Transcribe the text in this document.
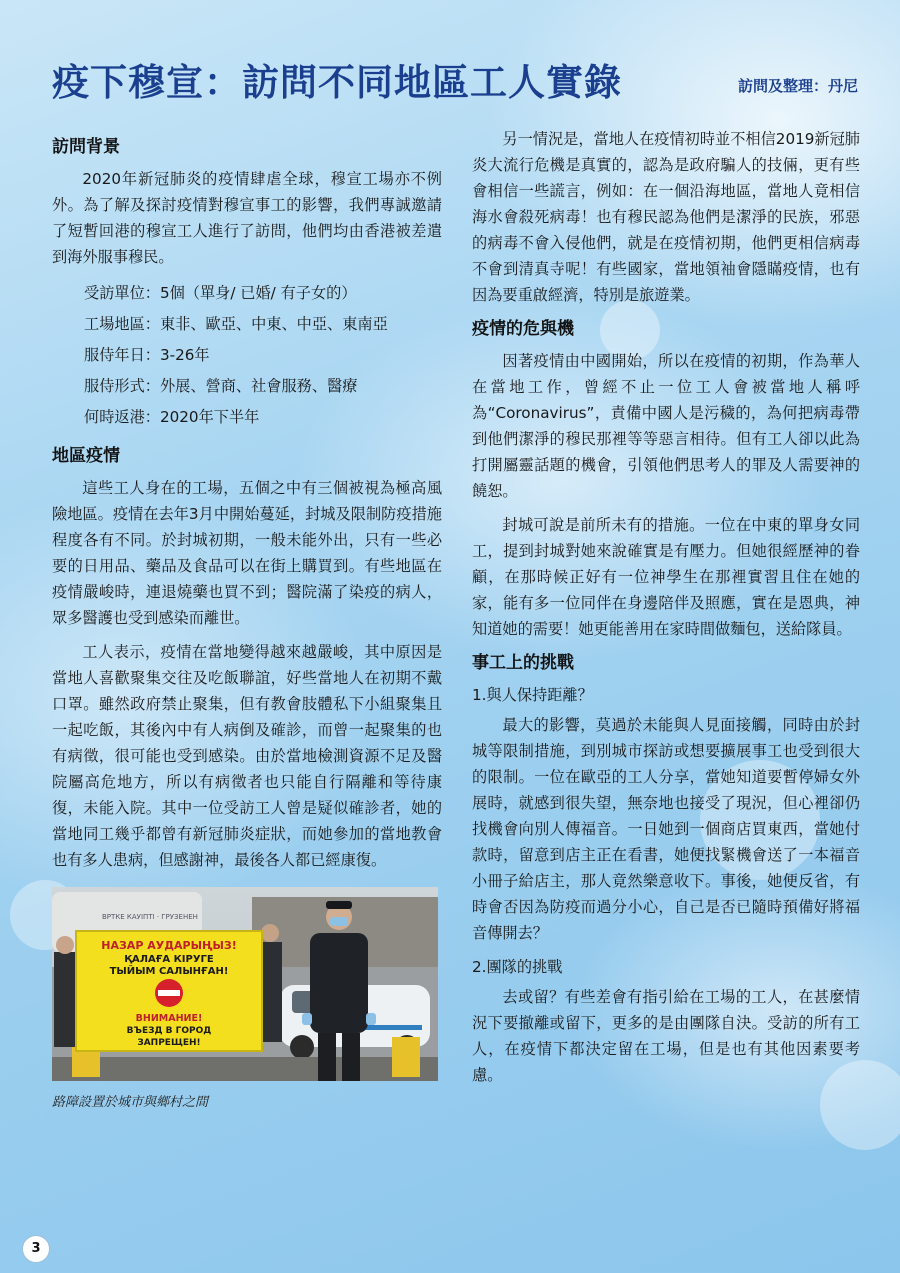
疫下穆宣：訪問不同地區工人實錄	訪問及整理：丹尼
訪問背景

2020年新冠肺炎的疫情肆虐全球，穆宣工場亦不例外。為了解及探討疫情對穆宣事工的影響，我們專誠邀請了短暫回港的穆宣工人進行了訪問，他們均由香港被差遣到海外服事穆民。

受訪單位：5個（單身/ 已婚/ 有子女的）
工場地區：東非、歐亞、中東、中亞、東南亞
服侍年日：3-26年
服侍形式：外展、營商、社會服務、醫療
何時返港：2020年下半年
地區疫情

這些工人身在的工場，五個之中有三個被視為極高風險地區。疫情在去年3月中開始蔓延，封城及限制防疫措施程度各有不同。於封城初期，一般未能外出，只有一些必要的日用品、藥品及食品可以在街上購買到。有些地區在疫情嚴峻時，連退燒藥也買不到；醫院滿了染疫的病人，眾多醫護也受到感染而離世。

工人表示，疫情在當地變得越來越嚴峻，其中原因是當地人喜歡聚集交往及吃飯聯誼，好些當地人在初期不戴口罩。雖然政府禁止聚集，但有教會肢體私下小組聚集且一起吃飯，其後內中有人病倒及確診，而曾一起聚集的也有病徵，很可能也受到感染。由於當地檢測資源不足及醫院屬高危地方，所以有病徵者也只能自行隔離和等待康復，未能入院。其中一位受訪工人曾是疑似確診者，她的當地同工幾乎都曾有新冠肺炎症狀，而她參加的當地教會也有多人患病，但感謝神，最後各人都已經康復。

ВРТКЕ КАУІПТІ · ГРУЗЕНЕН
НАЗАР АУДАРЫҢЫЗ!
ҚАЛАҒА КІРУГЕ
ТЫЙЫМ САЛЫНҒАН!
ВНИМАНИЕ!
ВЪЕЗД В ГОРОД
ЗАПРЕЩЕН!
路障設置於城市與鄉村之間

另一情況是，當地人在疫情初時並不相信2019新冠肺炎大流行危機是真實的，認為是政府騙人的技倆，更有些會相信一些謊言，例如：在一個沿海地區，當地人竟相信海水會殺死病毒！也有穆民認為他們是潔淨的民族，邪惡的病毒不會入侵他們，就是在疫情初期，他們更相信病毒不會到清真寺呢！有些國家，當地領袖會隱瞞疫情，也有因為要重啟經濟，特別是旅遊業。

疫情的危與機

因著疫情由中國開始，所以在疫情的初期，作為華人在當地工作，曾經不止一位工人會被當地人稱呼為“Coronavirus”，責備中國人是污穢的，為何把病毒帶到他們潔淨的穆民那裡等等惡言相待。但有工人卻以此為打開屬靈話題的機會，引領他們思考人的罪及人需要神的饒恕。

封城可說是前所未有的措施。一位在中東的單身女同工，提到封城對她來說確實是有壓力。但她很經歷神的眷顧，在那時候正好有一位神學生在那裡實習且住在她的家，能有多一位同伴在身邊陪伴及照應，實在是恩典，神知道她的需要！她更能善用在家時間做麵包，送給隊員。

事工上的挑戰
1.與人保持距離？

最大的影響，莫過於未能與人見面接觸，同時由於封城等限制措施，到別城市探訪或想要擴展事工也受到很大的限制。一位在歐亞的工人分享，當她知道要暫停婦女外展時，就感到很失望，無奈地也接受了現況，但心裡卻仍找機會向別人傳福音。一日她到一個商店買東西，當她付款時，留意到店主正在看書，她便找緊機會送了一本福音小冊子給店主，那人竟然樂意收下。事後，她便反省，有時會否因為防疫而過分小心，自己是否已隨時預備好將福音傳開去？

2.團隊的挑戰

去或留？有些差會有指引給在工場的工人，在甚麼情況下要撤離或留下，更多的是由團隊自決。受訪的所有工人，在疫情下都決定留在工場，但是也有其他因素要考慮。

3
